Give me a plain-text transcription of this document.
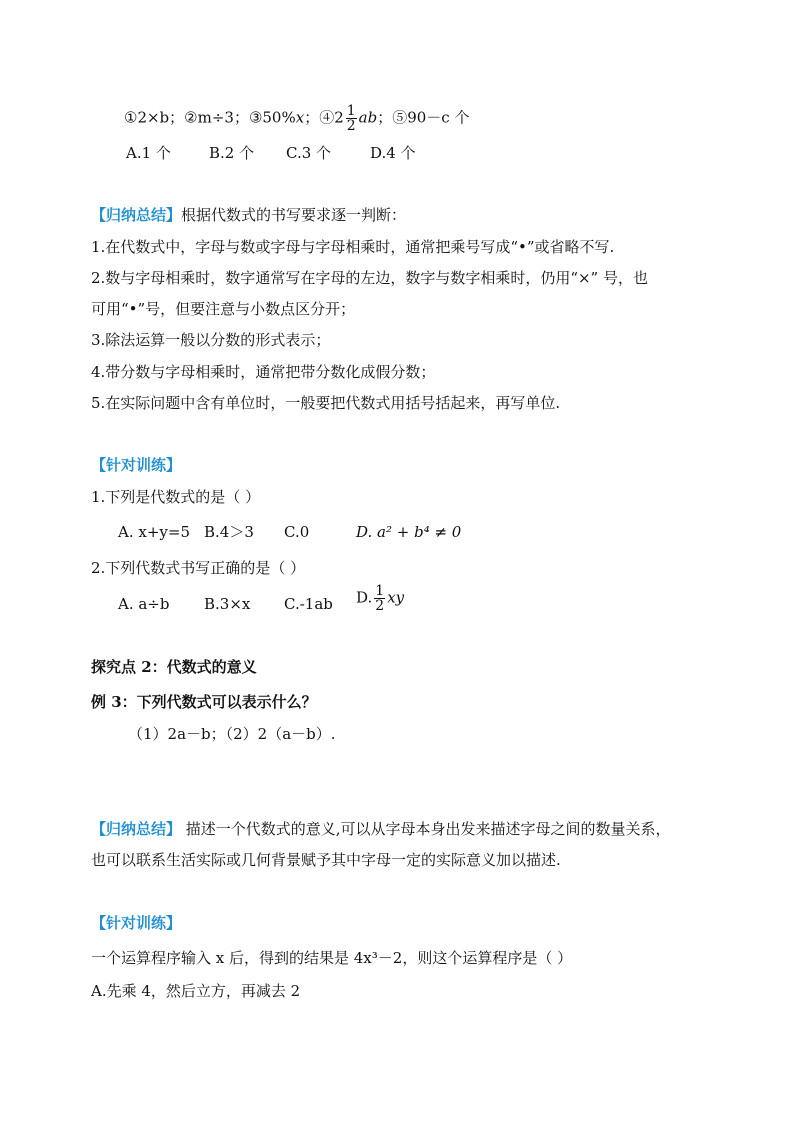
①2×b；②m÷3；③50%x；④2 $\frac{1}{2}$ ab；⑤90－c 个
A.1 个	B.2 个 C.3 个	D.4 个
【归纳总结】根据代数式的书写要求逐一判断：
1.在代数式中，字母与数或字母与字母相乘时，通常把乘号写成“•”或省略不写.
2.数与字母相乘时，数字通常写在字母的左边，数字与数字相乘时，仍用“×” 号，也
可用“•”号，但要注意与小数点区分开；
3.除法运算一般以分数的形式表示；
4.带分数与字母相乘时，通常把带分数化成假分数；
5.在实际问题中含有单位时，一般要把代数式用括号括起来，再写单位.
【针对训练】
1.下列是代数式的是（ ）
A. x+y=5 B.4＞3 C.0	D. a² + b⁴ ≠ 0
2.下列代数式书写正确的是（ ）
A. a÷b B.3×x C.-1ab D. $\frac{1}{2}$ xy
探究点 2：代数式的意义
例 3：下列代数式可以表示什么？
（1）2a－b；（2）2（a－b）.
【归纳总结】 描述一个代数式的意义,可以从字母本身出发来描述字母之间的数量关系，
也可以联系生活实际或几何背景赋予其中字母一定的实际意义加以描述.
【针对训练】
一个运算程序输入 x 后，得到的结果是 4x³－2，则这个运算程序是（ ）
A.先乘 4，然后立方，再减去 2
